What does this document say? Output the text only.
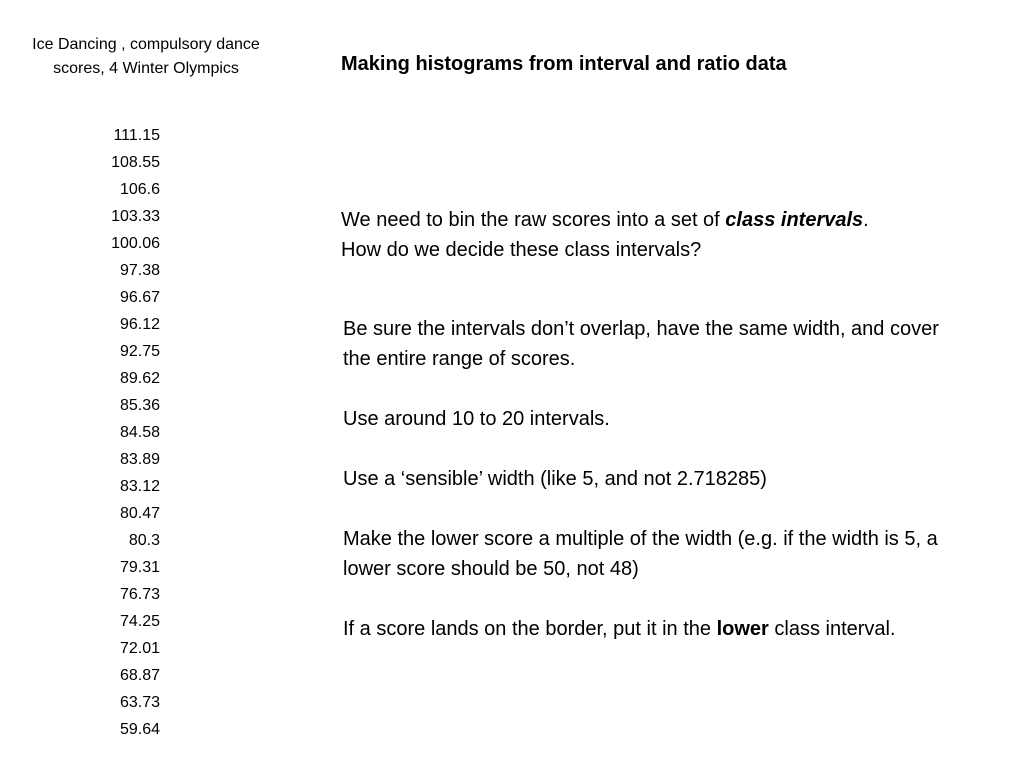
Ice Dancing , compulsory dance scores, 4 Winter Olympics
111.15
108.55
106.6
103.33
100.06
97.38
96.67
96.12
92.75
89.62
85.36
84.58
83.89
83.12
80.47
80.3
79.31
76.73
74.25
72.01
68.87
63.73
59.64
Making histograms from interval and ratio data

We need to bin the raw scores into a set of class intervals.

How do we decide these class intervals?

Be sure the intervals don’t overlap, have the same width, and cover the entire range of scores.

Use around 10 to 20 intervals.

Use a ‘sensible’ width (like 5, and not 2.718285)

Make the lower score a multiple of the width (e.g. if the width is 5, a lower score should be 50, not 48)

If a score lands on the border, put it in the lower class interval.
